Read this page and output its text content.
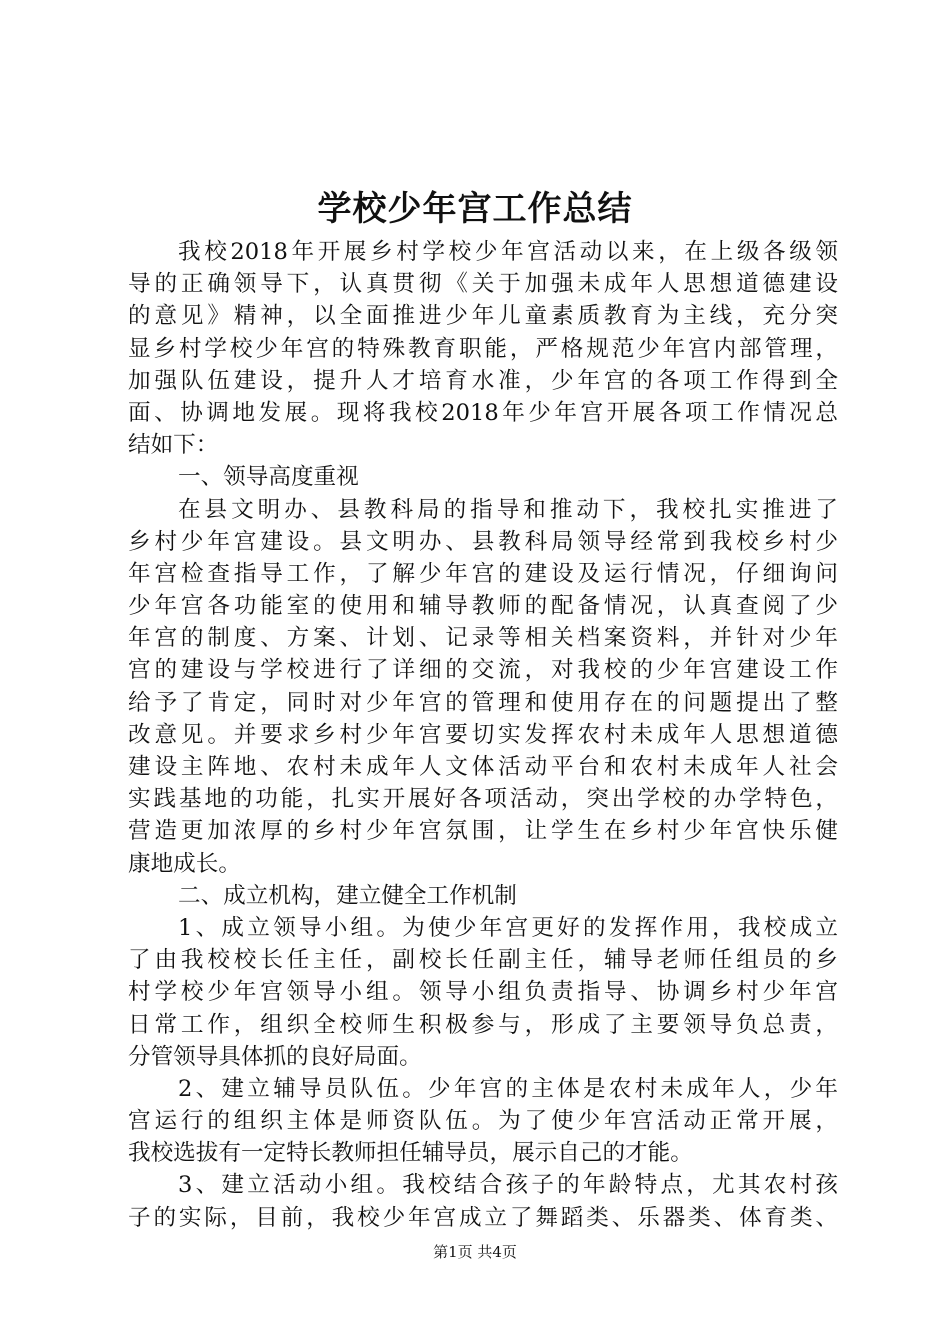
学校少年宫工作总结
我校2018年开展乡村学校少年宫活动以来，在上级各级领
导的正确领导下，认真贯彻《关于加强未成年人思想道德建设
的意见》精神，以全面推进少年儿童素质教育为主线，充分突
显乡村学校少年宫的特殊教育职能，严格规范少年宫内部管理，
加强队伍建设，提升人才培育水准，少年宫的各项工作得到全
面、协调地发展。现将我校2018年少年宫开展各项工作情况总
结如下：
一、领导高度重视
在县文明办、县教科局的指导和推动下，我校扎实推进了
乡村少年宫建设。县文明办、县教科局领导经常到我校乡村少
年宫检查指导工作，了解少年宫的建设及运行情况，仔细询问
少年宫各功能室的使用和辅导教师的配备情况，认真查阅了少
年宫的制度、方案、计划、记录等相关档案资料，并针对少年
宫的建设与学校进行了详细的交流，对我校的少年宫建设工作
给予了肯定，同时对少年宫的管理和使用存在的问题提出了整
改意见。并要求乡村少年宫要切实发挥农村未成年人思想道德
建设主阵地、农村未成年人文体活动平台和农村未成年人社会
实践基地的功能，扎实开展好各项活动，突出学校的办学特色，
营造更加浓厚的乡村少年宫氛围，让学生在乡村少年宫快乐健
康地成长。
二、成立机构，建立健全工作机制
1、成立领导小组。为使少年宫更好的发挥作用，我校成立
了由我校校长任主任，副校长任副主任，辅导老师任组员的乡
村学校少年宫领导小组。领导小组负责指导、协调乡村少年宫
日常工作，组织全校师生积极参与，形成了主要领导负总责，
分管领导具体抓的良好局面。
2、建立辅导员队伍。少年宫的主体是农村未成年人，少年
宫运行的组织主体是师资队伍。为了使少年宫活动正常开展，
我校选拔有一定特长教师担任辅导员，展示自己的才能。
3、建立活动小组。我校结合孩子的年龄特点，尤其农村孩
子的实际，目前，我校少年宫成立了舞蹈类、乐器类、体育类、
第1页 共4页
